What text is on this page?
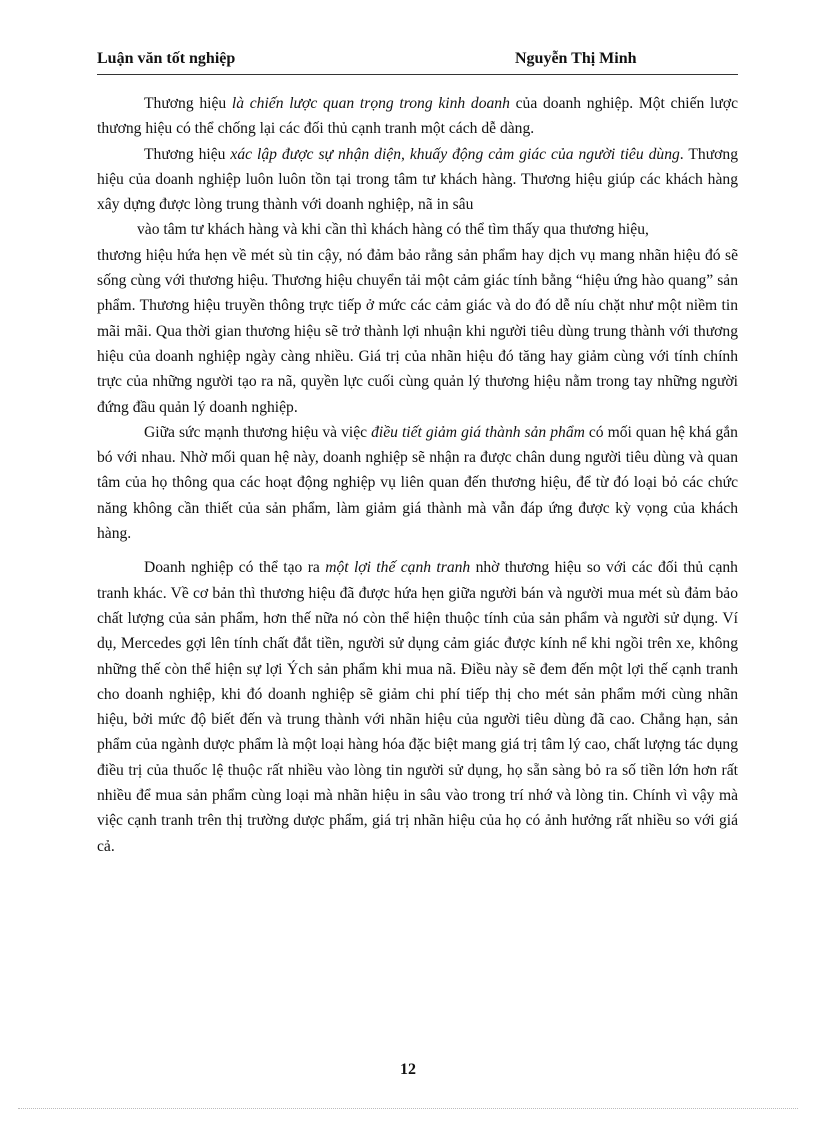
Luận văn tốt nghiệp	Nguyễn Thị Minh

Thương hiệu là chiến lược quan trọng trong kinh doanh của doanh nghiệp. Một chiến lược thương hiệu có thể chống lại các đối thủ cạnh tranh một cách dễ dàng.

Thương hiệu xác lập được sự nhận diện, khuấy động cảm giác của người tiêu dùng. Thương hiệu của doanh nghiệp luôn luôn tồn tại trong tâm tư khách hàng. Thương hiệu giúp các khách hàng xây dựng được lòng trung thành với doanh nghiệp, nã in sâu

vào tâm tư khách hàng và khi cần thì khách hàng có thể tìm thấy qua thương hiệu,

thương hiệu hứa hẹn về mét sù tin cậy, nó đảm bảo rằng sản phẩm hay dịch vụ mang nhãn hiệu đó sẽ sống cùng với thương hiệu. Thương hiệu chuyển tải một cảm giác tính bằng “hiệu ứng hào quang” sản phẩm. Thương hiệu truyền thông trực tiếp ở mức các cảm giác và do đó dễ níu chặt như một niềm tin mãi mãi. Qua thời gian thương hiệu sẽ trở thành lợi nhuận khi người tiêu dùng trung thành với thương hiệu của doanh nghiệp ngày càng nhiều. Giá trị của nhãn hiệu đó tăng hay giảm cùng với tính chính trực của những người tạo ra nã, quyền lực cuối cùng quản lý thương hiệu nằm trong tay những người đứng đầu quản lý doanh nghiệp.

Giữa sức mạnh thương hiệu và việc điều tiết giảm giá thành sản phẩm có mối quan hệ khá gắn bó với nhau. Nhờ mối quan hệ này, doanh nghiệp sẽ nhận ra được chân dung người tiêu dùng và quan tâm của họ thông qua các hoạt động nghiệp vụ liên quan đến thương hiệu, để từ đó loại bỏ các chức năng không cần thiết của sản phẩm, làm giảm giá thành mà vẫn đáp ứng được kỳ vọng của khách hàng.

Doanh nghiệp có thể tạo ra một lợi thế cạnh tranh nhờ thương hiệu so với các đối thủ cạnh tranh khác. Về cơ bản thì thương hiệu đã được hứa hẹn giữa người bán và người mua mét sù đảm bảo chất lượng của sản phẩm, hơn thế nữa nó còn thể hiện thuộc tính của sản phẩm và người sử dụng. Ví dụ, Mercedes gợi lên tính chất đắt tiền, người sử dụng cảm giác được kính nể khi ngồi trên xe, không những thế còn thể hiện sự lợi Ých sản phẩm khi mua nã. Điều này sẽ đem đến một lợi thế cạnh tranh cho doanh nghiệp, khi đó doanh nghiệp sẽ giảm chi phí tiếp thị cho mét sản phẩm mới cùng nhãn hiệu, bởi mức độ biết đến và trung thành với nhãn hiệu của người tiêu dùng đã cao. Chẳng hạn, sản phẩm của ngành dược phẩm là một loại hàng hóa đặc biệt mang giá trị tâm lý cao, chất lượng tác dụng điều trị của thuốc lệ thuộc rất nhiều vào lòng tin người sử dụng, họ sẵn sàng bỏ ra số tiền lớn hơn rất nhiều để mua sản phẩm cùng loại mà nhãn hiệu in sâu vào trong trí nhớ và lòng tin. Chính vì vậy mà việc cạnh tranh trên thị trường dược phẩm, giá trị nhãn hiệu của họ có ảnh hưởng rất nhiều so với giá cả.

12
